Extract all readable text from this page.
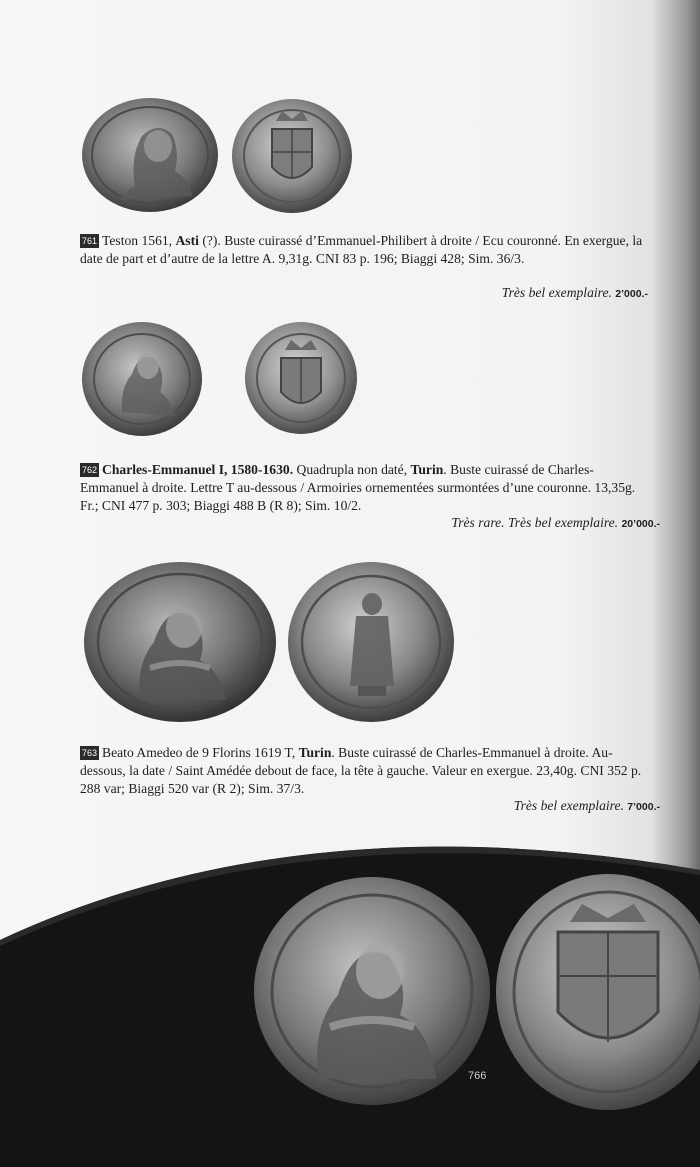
761 Teston 1561, Asti (?). Buste cuirassé d’Emmanuel-Philibert à droite / Ecu couronné. En exergue, la date de part et d’autre de la lettre A. 9,31g. CNI 83 p. 196; Biaggi 428; Sim. 36/3.
Très bel exemplaire. 2’000.-
762 Charles-Emmanuel I, 1580-1630. Quadrupla non daté, Turin. Buste cuirassé de Charles-Emmanuel à droite. Lettre T au-dessous / Armoiries ornementées surmontées d’une couronne. 13,35g. Fr.; CNI 477 p. 303; Biaggi 488 B (R 8); Sim. 10/2.
Très rare. Très bel exemplaire. 20’000.-
763 Beato Amedeo de 9 Florins 1619 T, Turin. Buste cuirassé de Charles-Emmanuel à droite. Au-dessous, la date / Saint Amédée debout de face, la tête à gauche. Valeur en exergue. 23,40g. CNI 352 p. 288 var; Biaggi 520 var (R 2); Sim. 37/3.
Très bel exemplaire. 7’000.-
766
